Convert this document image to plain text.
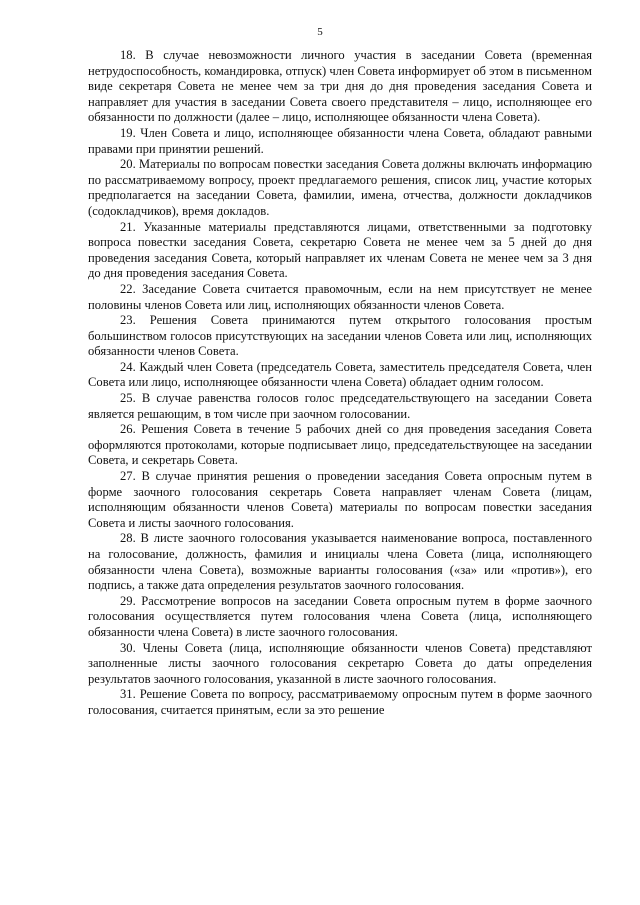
5

18. В случае невозможности личного участия в заседании Совета (временная нетрудоспособность, командировка, отпуск) член Совета информирует об этом в письменном виде секретаря Совета не менее чем за три дня до дня проведения заседания Совета и направляет для участия в заседании Совета своего представителя – лицо, исполняющее его обязанности по должности (далее – лицо, исполняющее обязанности члена Совета).

19. Член Совета и лицо, исполняющее обязанности члена Совета, обладают равными правами при принятии решений.

20. Материалы по вопросам повестки заседания Совета должны включать информацию по рассматриваемому вопросу, проект предлагаемого решения, список лиц, участие которых предполагается на заседании Совета, фамилии, имена, отчества, должности докладчиков (содокладчиков), время докладов.

21. Указанные материалы представляются лицами, ответственными за подготовку вопроса повестки заседания Совета, секретарю Совета не менее чем за 5 дней до дня проведения заседания Совета, который направляет их членам Совета не менее чем за 3 дня до дня проведения заседания Совета.

22. Заседание Совета считается правомочным, если на нем присутствует не менее половины членов Совета или лиц, исполняющих обязанности членов Совета.

23. Решения Совета принимаются путем открытого голосования простым большинством голосов присутствующих на заседании членов Совета или лиц, исполняющих обязанности членов Совета.

24. Каждый член Совета (председатель Совета, заместитель председателя Совета, член Совета или лицо, исполняющее обязанности члена Совета) обладает одним голосом.

25. В случае равенства голосов голос председательствующего на заседании Совета является решающим, в том числе при заочном голосовании.

26. Решения Совета в течение 5 рабочих дней со дня проведения заседания Совета оформляются протоколами, которые подписывает лицо, председательствующее на заседании Совета, и секретарь Совета.

27. В случае принятия решения о проведении заседания Совета опросным путем в форме заочного голосования секретарь Совета направляет членам Совета (лицам, исполняющим обязанности членов Совета) материалы по вопросам повестки заседания Совета и листы заочного голосования.

28. В листе заочного голосования указывается наименование вопроса, поставленного на голосование, должность, фамилия и инициалы члена Совета (лица, исполняющего обязанности члена Совета), возможные варианты голосования («за» или «против»), его подпись, а также дата определения результатов заочного голосования.

29. Рассмотрение вопросов на заседании Совета опросным путем в форме заочного голосования осуществляется путем голосования члена Совета (лица, исполняющего обязанности члена Совета) в листе заочного голосования.

30. Члены Совета (лица, исполняющие обязанности членов Совета) представляют заполненные листы заочного голосования секретарю Совета до даты определения результатов заочного голосования, указанной в листе заочного голосования.

31. Решение Совета по вопросу, рассматриваемому опросным путем в форме заочного голосования, считается принятым, если за это решение
